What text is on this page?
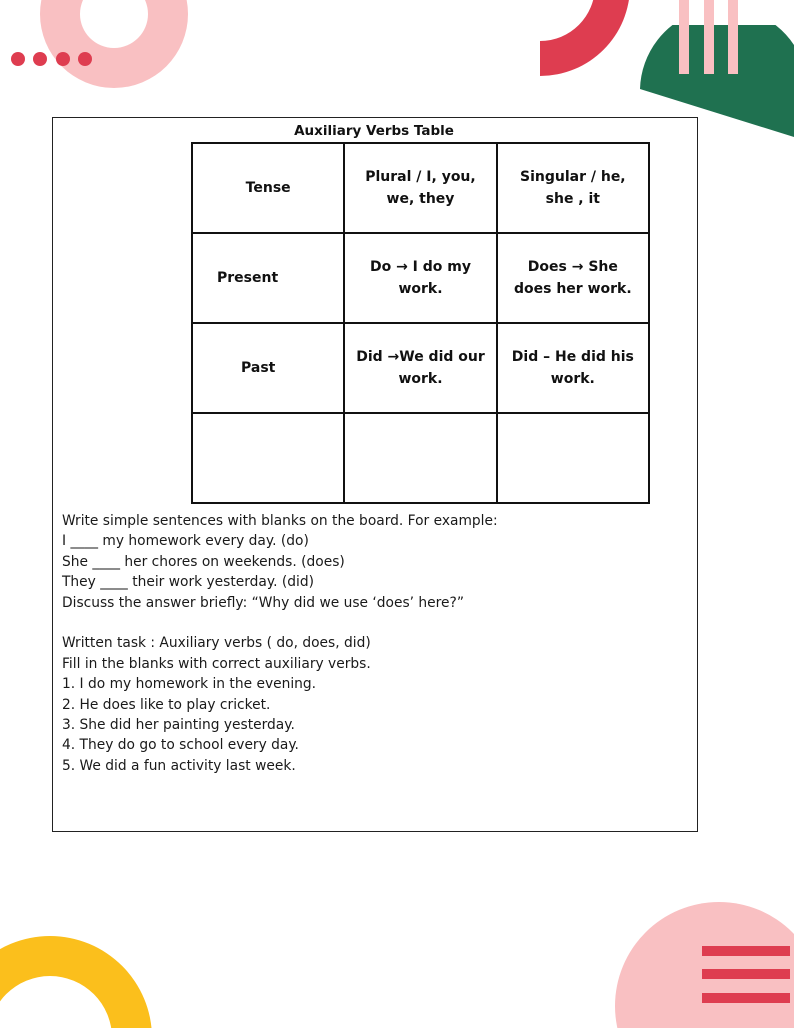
Auxiliary Verbs Table
Tense	Plural / I, you, we, they	Singular / he, she , it
Present	Do → I do my work.	Does → She does her work.
Past	Did →We did our work.	Did – He did his work.

Write simple sentences with blanks on the board. For example:

I ____ my homework every day. (do)

She ____ her chores on weekends. (does)

They ____ their work yesterday. (did)

Discuss the answer briefly: “Why did we use ‘does’ here?”

Written task : Auxiliary verbs ( do, does, did)

Fill in the blanks with correct auxiliary verbs.

1. I do my homework in the evening.

2. He does like to play cricket.

3. She did her painting yesterday.

4. They do go to school every day.

5. We did a fun activity last week.
